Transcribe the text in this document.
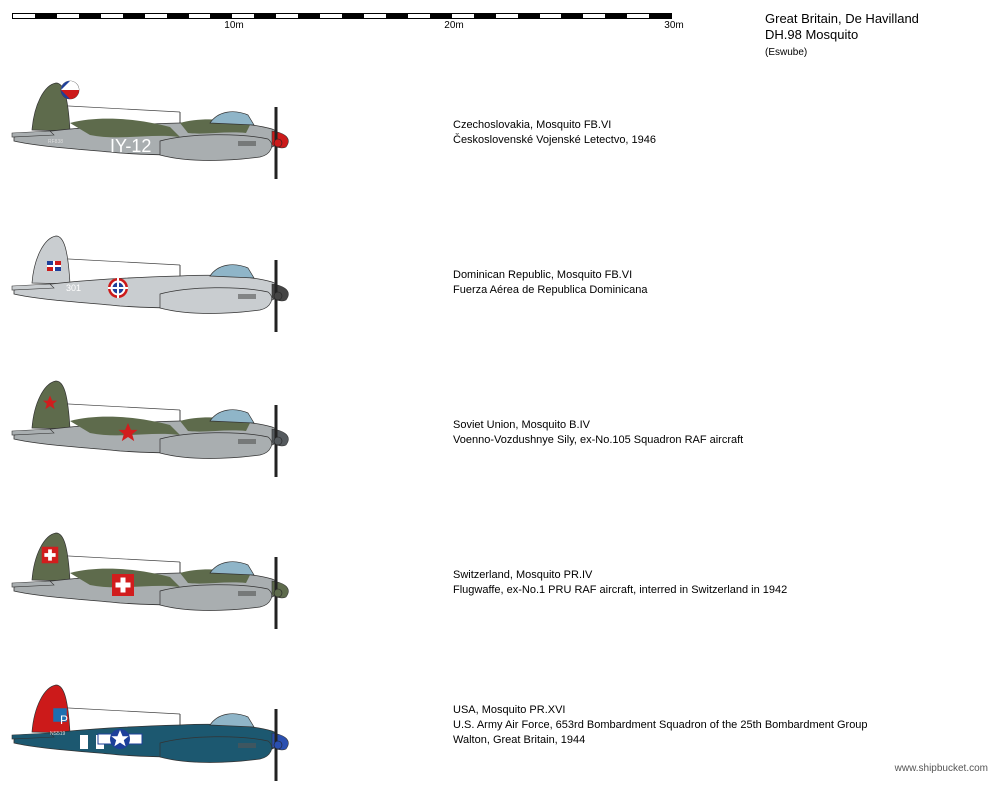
10m	20m	30m	Great Britain, De Havilland
DH.98 Mosquito
(Eswube)
IY-12
RF838
Czechoslovakia, Mosquito FB.VI
Československé Vojenské Letectvo, 1946
301
Dominican Republic, Mosquito FB.VI
Fuerza Aérea de Republica Dominicana
Soviet Union, Mosquito B.IV
Voenno-Vozdushnye Sily, ex-No.105 Squadron RAF aircraft
Switzerland, Mosquito PR.IV
Flugwaffe, ex-No.1 PRU RAF aircraft, interred in Switzerland in 1942
P
NS519
USA, Mosquito PR.XVI
U.S. Army Air Force, 653rd Bombardment Squadron of the 25th Bombardment Group
Walton, Great Britain, 1944
www.shipbucket.com
